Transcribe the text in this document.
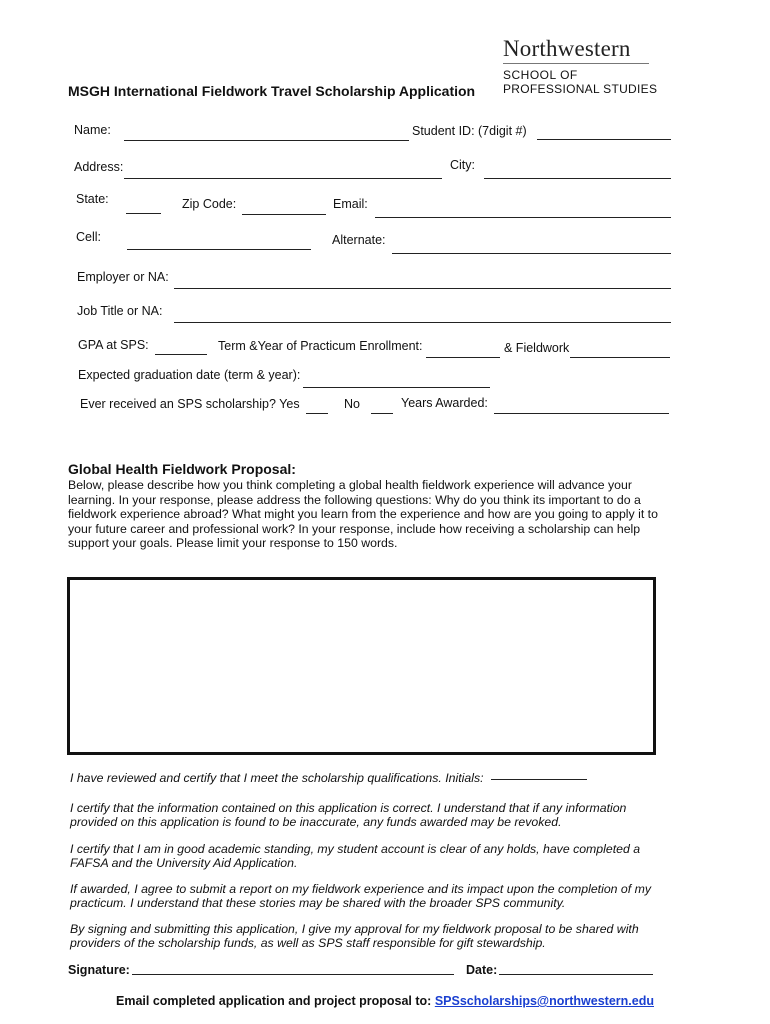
Northwestern
SCHOOL OF
PROFESSIONAL STUDIES
MSGH International Fieldwork Travel Scholarship Application
Name:	Student ID: (7digit #)
Address:	City:
State:	Zip Code:	Email:
Cell:	Alternate:
Employer or NA:
Job Title or NA:
GPA at SPS:	Term &Year of Practicum Enrollment:	& Fieldwork
Expected graduation date (term & year):
Ever received an SPS scholarship? Yes	No	Years Awarded:
Global Health Fieldwork Proposal:
Below, please describe how you think completing a global health fieldwork experience will advance your learning. In your response, please address the following questions: Why do you think its important to do a fieldwork experience abroad? What might you learn from the experience and how are you going to apply it to your future career and professional work? In your response, include how receiving a scholarship can help support your goals. Please limit your response to 150 words.
I have reviewed and certify that I meet the scholarship qualifications. Initials:
I certify that the information contained on this application is correct. I understand that if any information provided on this application is found to be inaccurate, any funds awarded may be revoked.
I certify that I am in good academic standing, my student account is clear of any holds, have completed a FAFSA and the University Aid Application.
If awarded, I agree to submit a report on my fieldwork experience and its impact upon the completion of my practicum. I understand that these stories may be shared with the broader SPS community.
By signing and submitting this application, I give my approval for my fieldwork proposal to be shared with providers of the scholarship funds, as well as SPS staff responsible for gift stewardship.
Signature:	Date:
Email completed application and project proposal to: SPSscholarships@northwestern.edu
